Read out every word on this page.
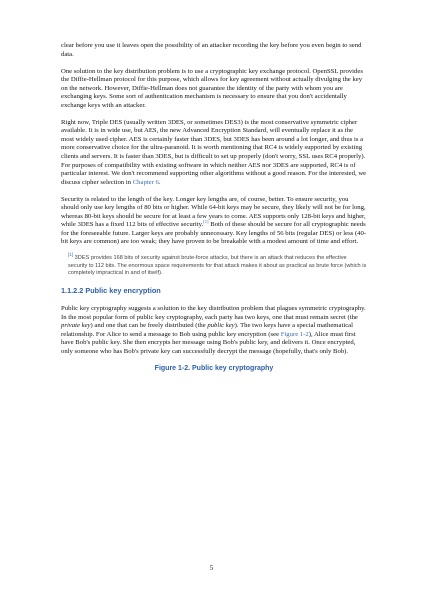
clear before you use it leaves open the possibility of an attacker recording the key before you even begin to send data.

One solution to the key distribution problem is to use a cryptographic key exchange protocol. OpenSSL provides the Diffie-Hellman protocol for this purpose, which allows for key agreement without actually divulging the key on the network. However, Diffie-Hellman does not guarantee the identity of the party with whom you are exchanging keys. Some sort of authentication mechanism is necessary to ensure that you don't accidentally exchange keys with an attacker.

Right now, Triple DES (usually written 3DES, or sometimes DES3) is the most conservative symmetric cipher available. It is in wide use, but AES, the new Advanced Encryption Standard, will eventually replace it as the most widely used cipher. AES is certainly faster than 3DES, but 3DES has been around a lot longer, and thus is a more conservative choice for the ultra-paranoid. It is worth mentioning that RC4 is widely supported by existing clients and servers. It is faster than 3DES, but is difficult to set up properly (don't worry, SSL uses RC4 properly). For purposes of compatibility with existing software in which neither AES nor 3DES are supported, RC4 is of particular interest. We don't recommend supporting other algorithms without a good reason. For the interested, we discuss cipher selection in Chapter 6.

Security is related to the length of the key. Longer key lengths are, of course, better. To ensure security, you should only use key lengths of 80 bits or higher. While 64-bit keys may be secure, they likely will not be for long, whereas 80-bit keys should be secure for at least a few years to come. AES supports only 128-bit keys and higher, while 3DES has a fixed 112 bits of effective security.[1] Both of these should be secure for all cryptographic needs for the foreseeable future. Larger keys are probably unnecessary. Key lengths of 56 bits (regular DES) or less (40-bit keys are common) are too weak; they have proven to be breakable with a modest amount of time and effort.

[1] 3DES provides 168 bits of security against brute-force attacks, but there is an attack that reduces the effective security to 112 bits. The enormous space requirements for that attack makes it about as practical as brute force (which is completely impractical in and of itself).
1.1.2.2 Public key encryption

Public key cryptography suggests a solution to the key distribution problem that plagues symmetric cryptography. In the most popular form of public key cryptography, each party has two keys, one that must remain secret (the private key) and one that can be freely distributed (the public key). The two keys have a special mathematical relationship. For Alice to send a message to Bob using public key encryption (see Figure 1-2), Alice must first have Bob's public key. She then encrypts her message using Bob's public key, and delivers it. Once encrypted, only someone who has Bob's private key can successfully decrypt the message (hopefully, that's only Bob).

Figure 1-2. Public key cryptography
5
